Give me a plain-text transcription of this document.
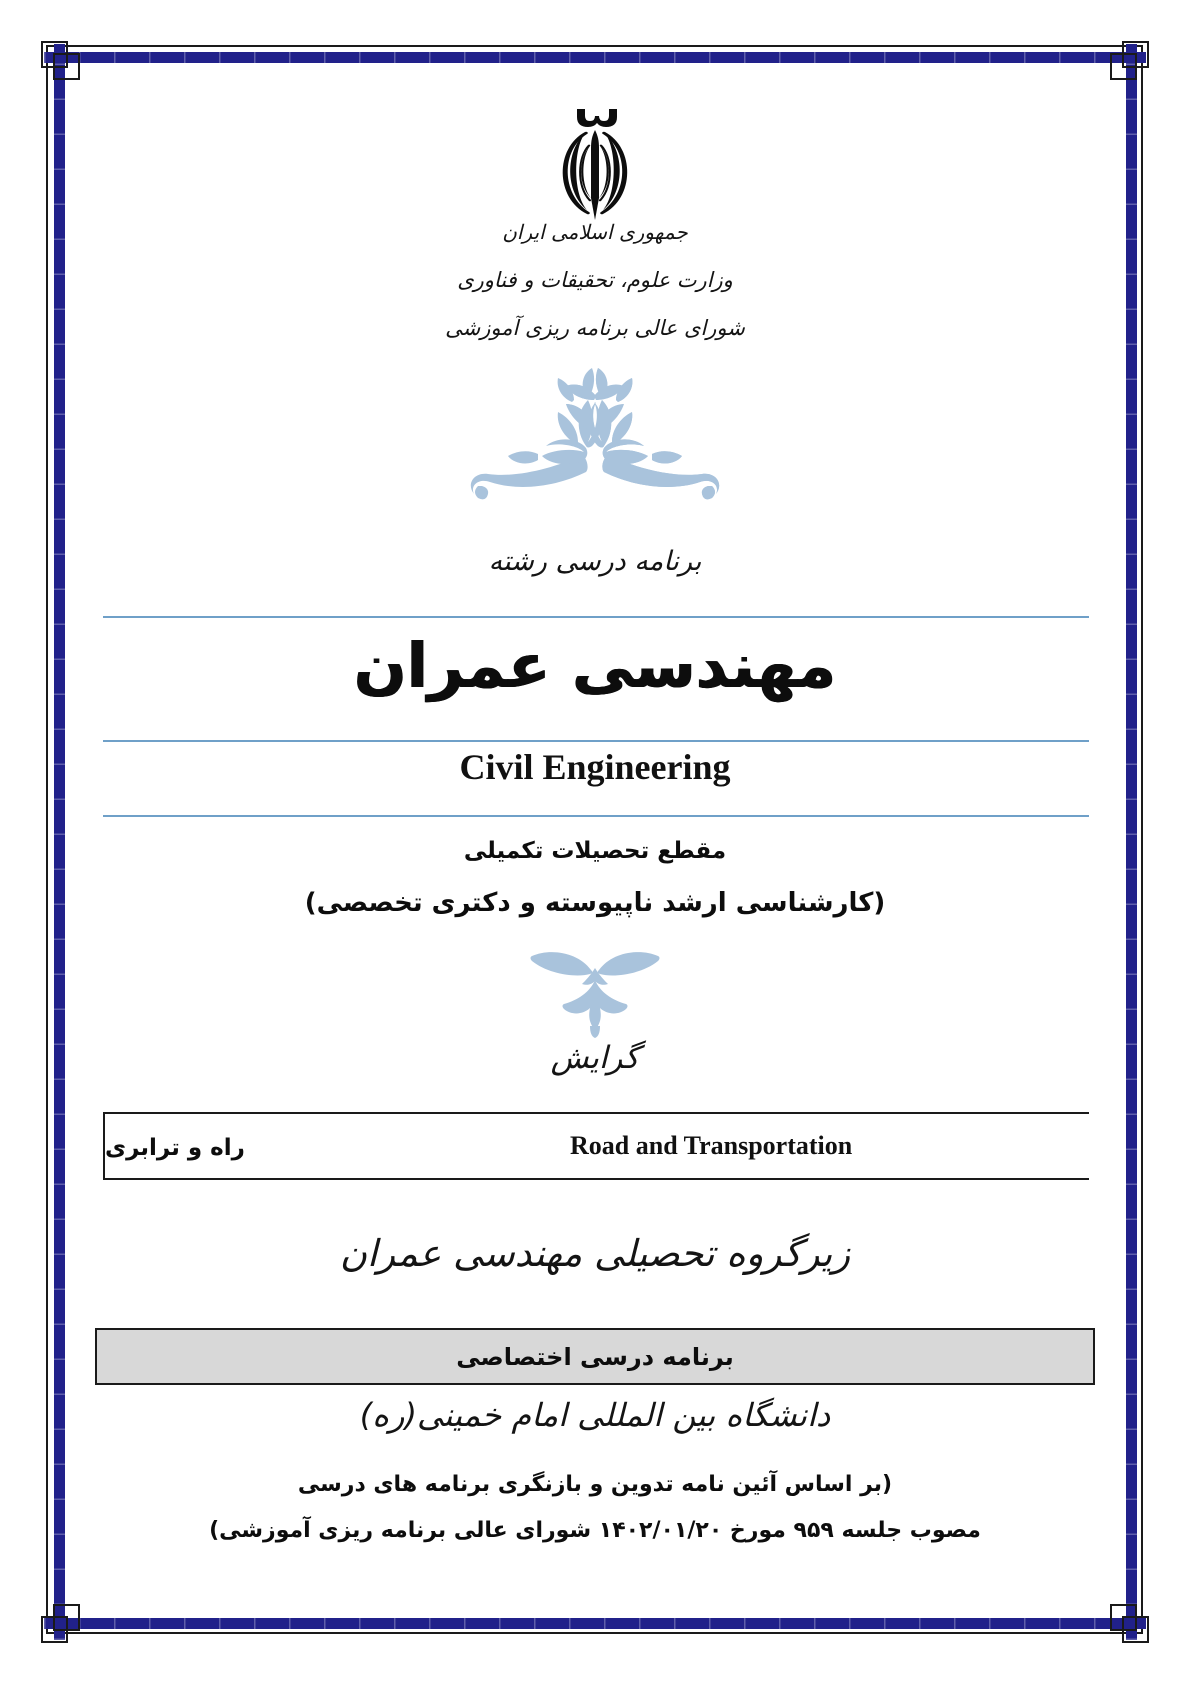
جمهوری اسلامی ایران
وزارت علوم، تحقیقات و فناوری
شورای عالی برنامه ریزی آموزشی
برنامه درسی رشته
مهندسی عمران
Civil Engineering
مقطع تحصیلات تکمیلی
(کارشناسی ارشد ناپیوسته و دکتری تخصصی)
گرایش
راه و ترابری	Road and Transportation
زیرگروه تحصیلی مهندسی عمران
برنامه درسی اختصاصی
دانشگاه بین المللی امام خمینی(ره)
(بر اساس آئین نامه تدوین و بازنگری برنامه های درسی
مصوب جلسه ۹۵۹ مورخ ۱۴۰۲/۰۱/۲۰ شورای عالی برنامه ریزی آموزشی)
